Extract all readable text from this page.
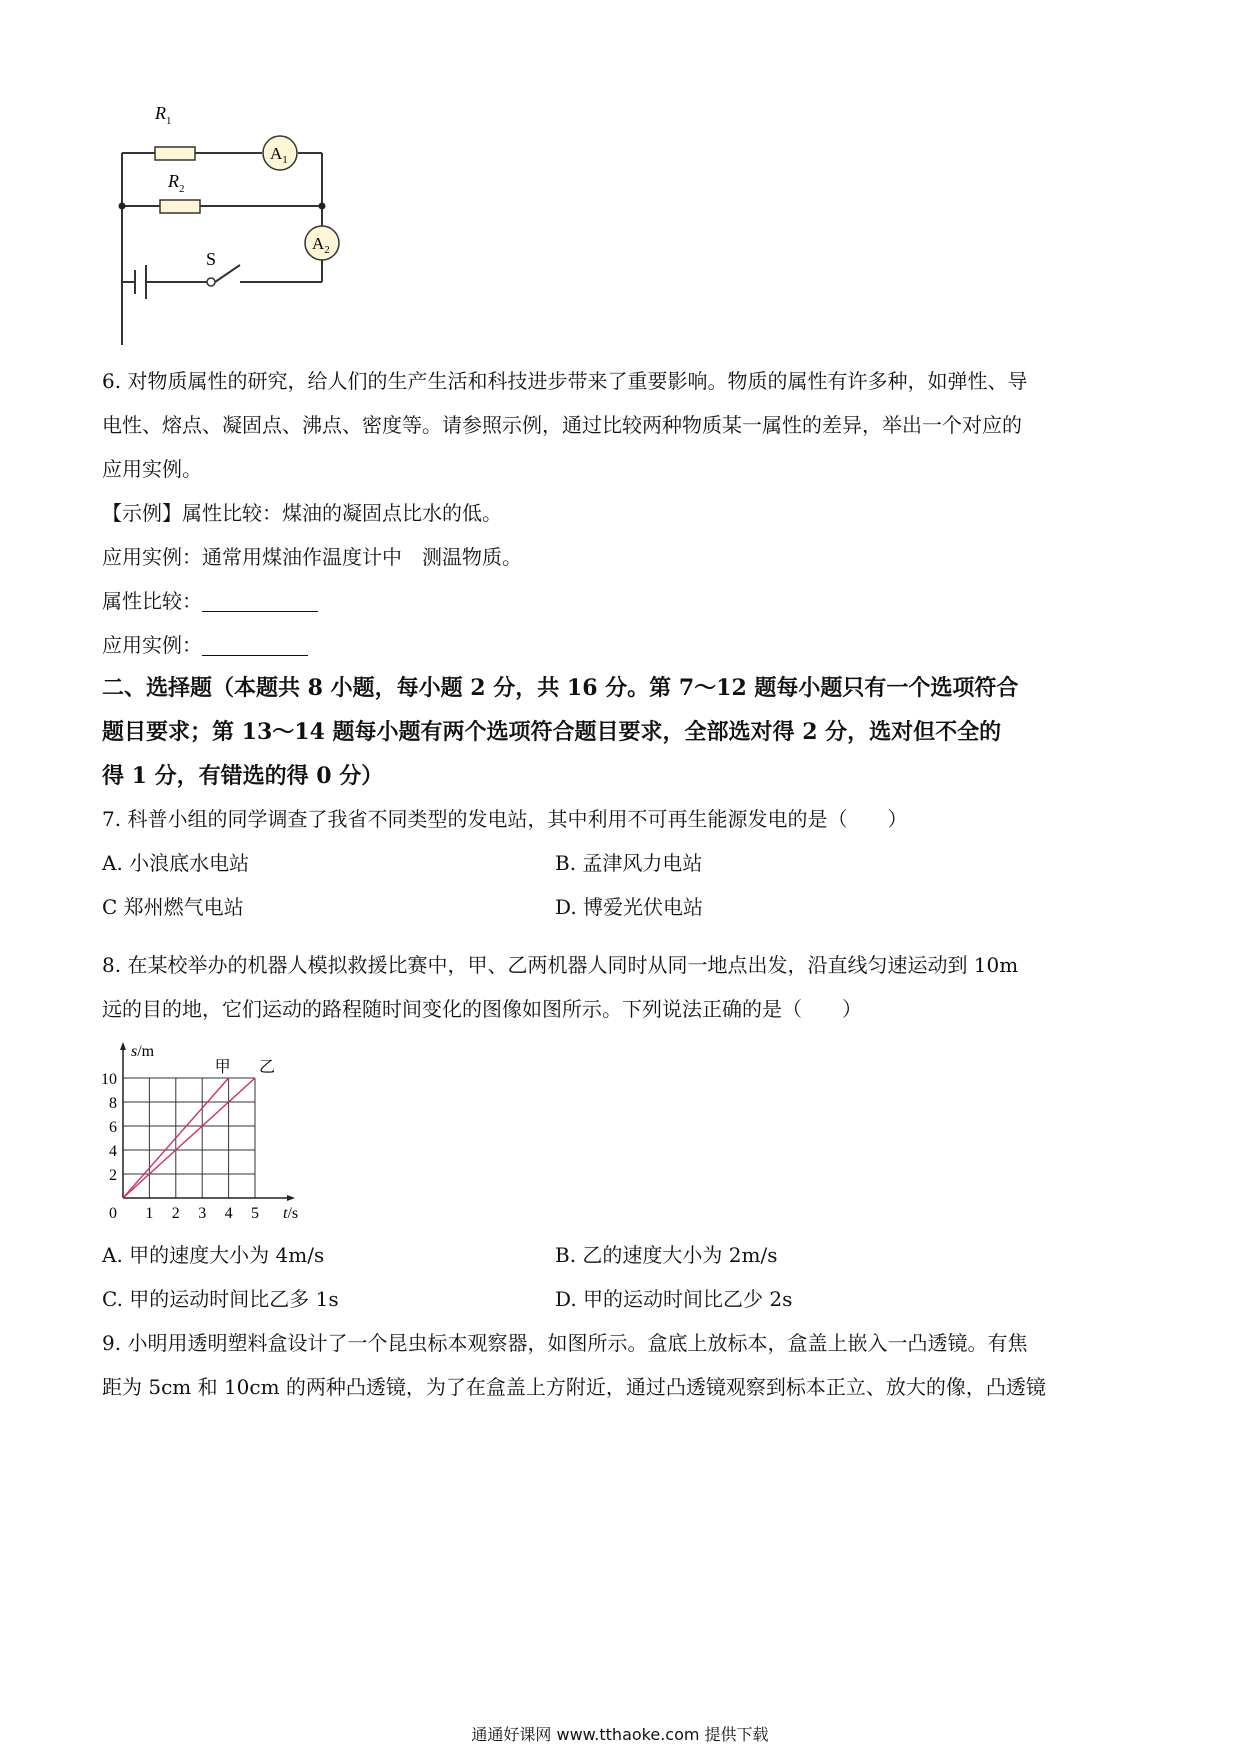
$R_1$
$R_2$
$A_1$
$A_2$
S
6. 对物质属性的研究，给人们的生产生活和科技进步带来了重要影响。物质的属性有许多种，如弹性、导
电性、熔点、凝固点、沸点、密度等。请参照示例，通过比较两种物质某一属性的差异，举出一个对应的
应用实例。
【示例】属性比较：煤油的凝固点比水的低。
应用实例：通常用煤油作温度计中　测温物质。
属性比较：
应用实例：
二、选择题（本题共 8 小题，每小题 2 分，共 16 分。第 7～12 题每小题只有一个选项符合
题目要求；第 13～14 题每小题有两个选项符合题目要求，全部选对得 2 分，选对但不全的
得 1 分，有错选的得 0 分）
7. 科普小组的同学调查了我省不同类型的发电站，其中利用不可再生能源发电的是（　　）
A. 小浪底水电站	B. 孟津风力电站
C 郑州燃气电站	D. 博爱光伏电站
8. 在某校举办的机器人模拟救援比赛中，甲、乙两机器人同时从同一地点出发，沿直线匀速运动到 10m
远的目的地，它们运动的路程随时间变化的图像如图所示。下列说法正确的是（　　）
0 1 2 3 4 5
2
4
6
8
10
s/m
t/s
甲 乙
A. 甲的速度大小为 4m/s	B. 乙的速度大小为 2m/s
C. 甲的运动时间比乙多 1s	D. 甲的运动时间比乙少 2s
9. 小明用透明塑料盒设计了一个昆虫标本观察器，如图所示。盒底上放标本，盒盖上嵌入一凸透镜。有焦
距为 5cm 和 10cm 的两种凸透镜，为了在盒盖上方附近，通过凸透镜观察到标本正立、放大的像，凸透镜
通通好课网 www.tthaoke.com 提供下载
